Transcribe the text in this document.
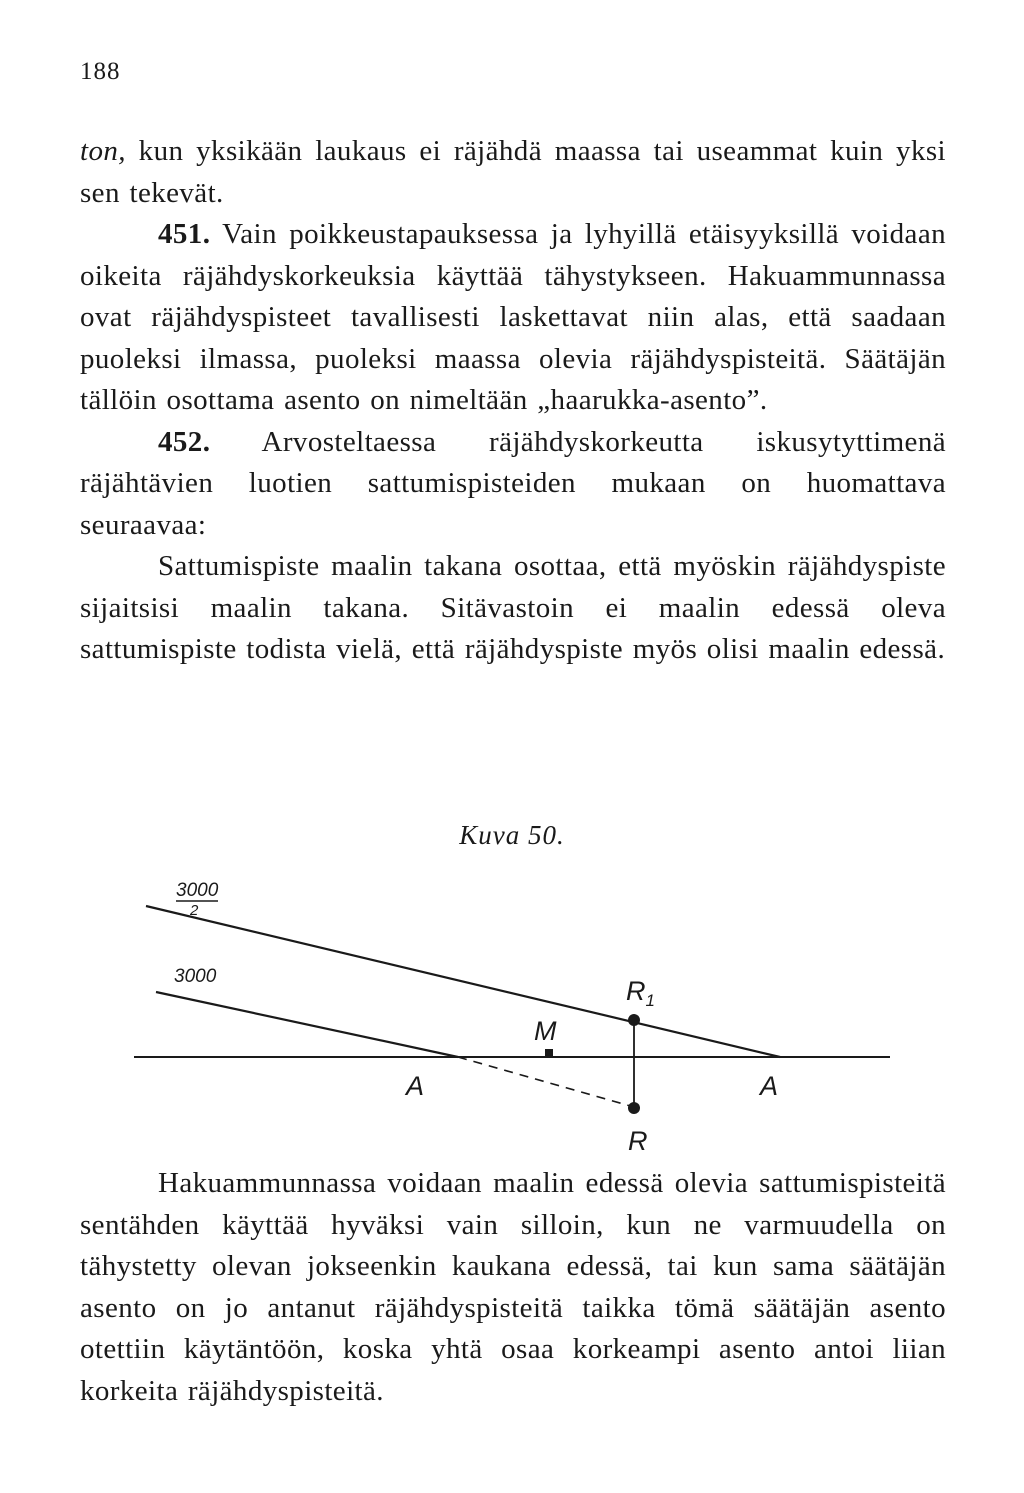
188

ton, kun yksikään laukaus ei räjähdä maassa tai useammat kuin yksi sen tekevät.

451. Vain poikkeustapauksessa ja lyhyillä etäisyyksillä voidaan oikeita räjähdyskorkeuksia käyttää tähystykseen. Hakuammunnassa ovat räjähdyspisteet tavallisesti laskettavat niin alas, että saadaan puoleksi ilmassa, puoleksi maassa olevia räjähdyspisteitä. Säätäjän tällöin osottama asento on nimeltään „haarukka-asento”.

452. Arvosteltaessa räjähdyskorkeutta iskusytyttimenä räjähtävien luotien sattumispisteiden mukaan on huomattava seuraavaa:

Sattumispiste maalin takana osottaa, että myöskin räjähdyspiste sijaitsisi maalin takana. Sitävastoin ei maalin edessä oleva sattumispiste todista vielä, että räjähdyspiste myös olisi maalin edessä.

Kuva 50.
3000
2
3000	$R_1$
M
A	A
R

Hakuammunnassa voidaan maalin edessä olevia sattumispisteitä sentähden käyttää hyväksi vain silloin, kun ne varmuudella on tähystetty olevan jokseenkin kaukana edessä, tai kun sama säätäjän asento on jo antanut räjähdyspisteitä taikka tömä säätäjän asento otettiin käytäntöön, koska yhtä osaa korkeampi asento antoi liian korkeita räjähdyspisteitä.
